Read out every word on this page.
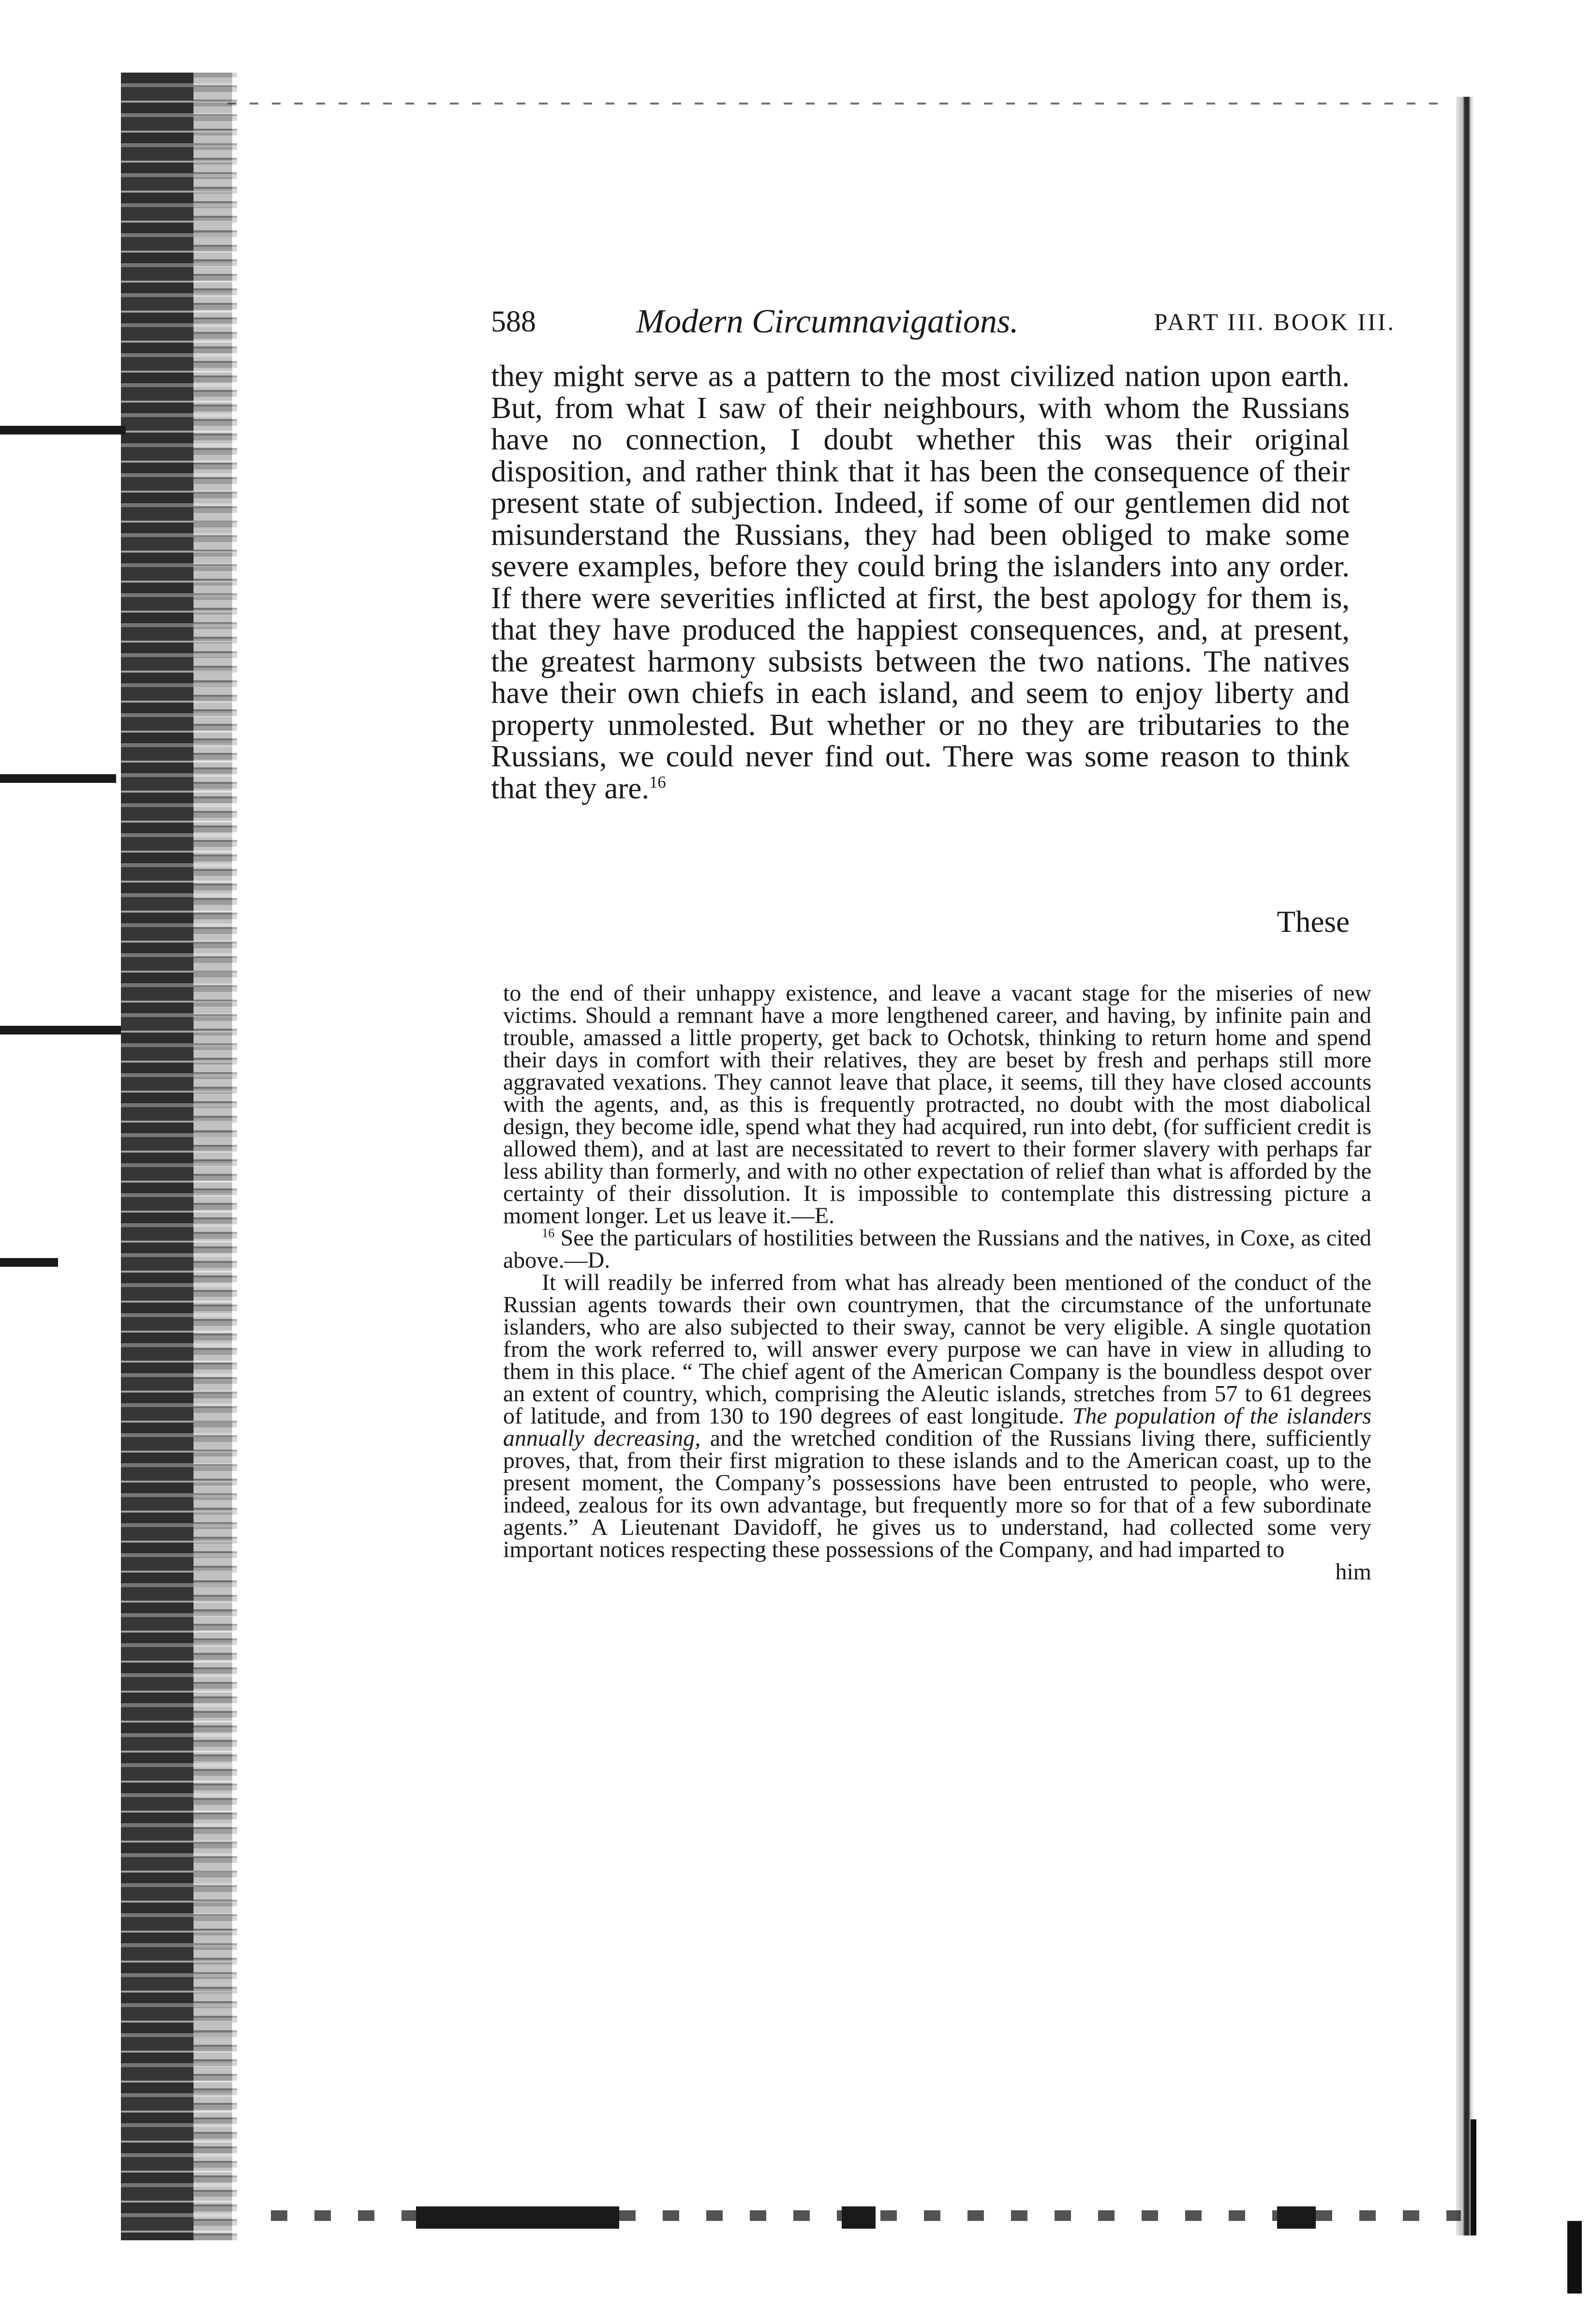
588	Modern Circumnavigations.	PART III. BOOK III.

they might serve as a pattern to the most civilized nation upon earth. But, from what I saw of their neighbours, with whom the Russians have no connection, I doubt whether this was their original disposition, and rather think that it has been the consequence of their present state of subjection. Indeed, if some of our gentlemen did not misunderstand the Russians, they had been obliged to make some severe examples, before they could bring the islanders into any order. If there were severities inflicted at first, the best apology for them is, that they have produced the happiest consequences, and, at present, the greatest harmony subsists between the two nations. The natives have their own chiefs in each island, and seem to enjoy liberty and property unmolested. But whether or no they are tributaries to the Russians, we could never find out. There was some reason to think that they are.$^{16}$

These

to the end of their unhappy existence, and leave a vacant stage for the miseries of new victims. Should a remnant have a more lengthened career, and having, by infinite pain and trouble, amassed a little property, get back to Ochotsk, thinking to return home and spend their days in comfort with their relatives, they are beset by fresh and perhaps still more aggravated vexations. They cannot leave that place, it seems, till they have closed accounts with the agents, and, as this is frequently protracted, no doubt with the most diabolical design, they become idle, spend what they had acquired, run into debt, (for sufficient credit is allowed them), and at last are necessitated to revert to their former slavery with perhaps far less ability than formerly, and with no other expectation of relief than what is afforded by the certainty of their dissolution. It is impossible to contemplate this distressing picture a moment longer. Let us leave it.—E.

$^{16}$ See the particulars of hostilities between the Russians and the natives, in Coxe, as cited above.—D.

It will readily be inferred from what has already been mentioned of the conduct of the Russian agents towards their own countrymen, that the circumstance of the unfortunate islanders, who are also subjected to their sway, cannot be very eligible. A single quotation from the work referred to, will answer every purpose we can have in view in alluding to them in this place. “ The chief agent of the American Company is the boundless despot over an extent of country, which, comprising the Aleutic islands, stretches from 57 to 61 degrees of latitude, and from 130 to 190 degrees of east longitude. The population of the islanders annually decreasing, and the wretched condition of the Russians living there, sufficiently proves, that, from their first migration to these islands and to the American coast, up to the present moment, the Company’s possessions have been entrusted to people, who were, indeed, zealous for its own advantage, but frequently more so for that of a few subordinate agents.” A Lieutenant Davidoff, he gives us to understand, had collected some very important notices respecting these possessions of the Company, and had imparted to

him
